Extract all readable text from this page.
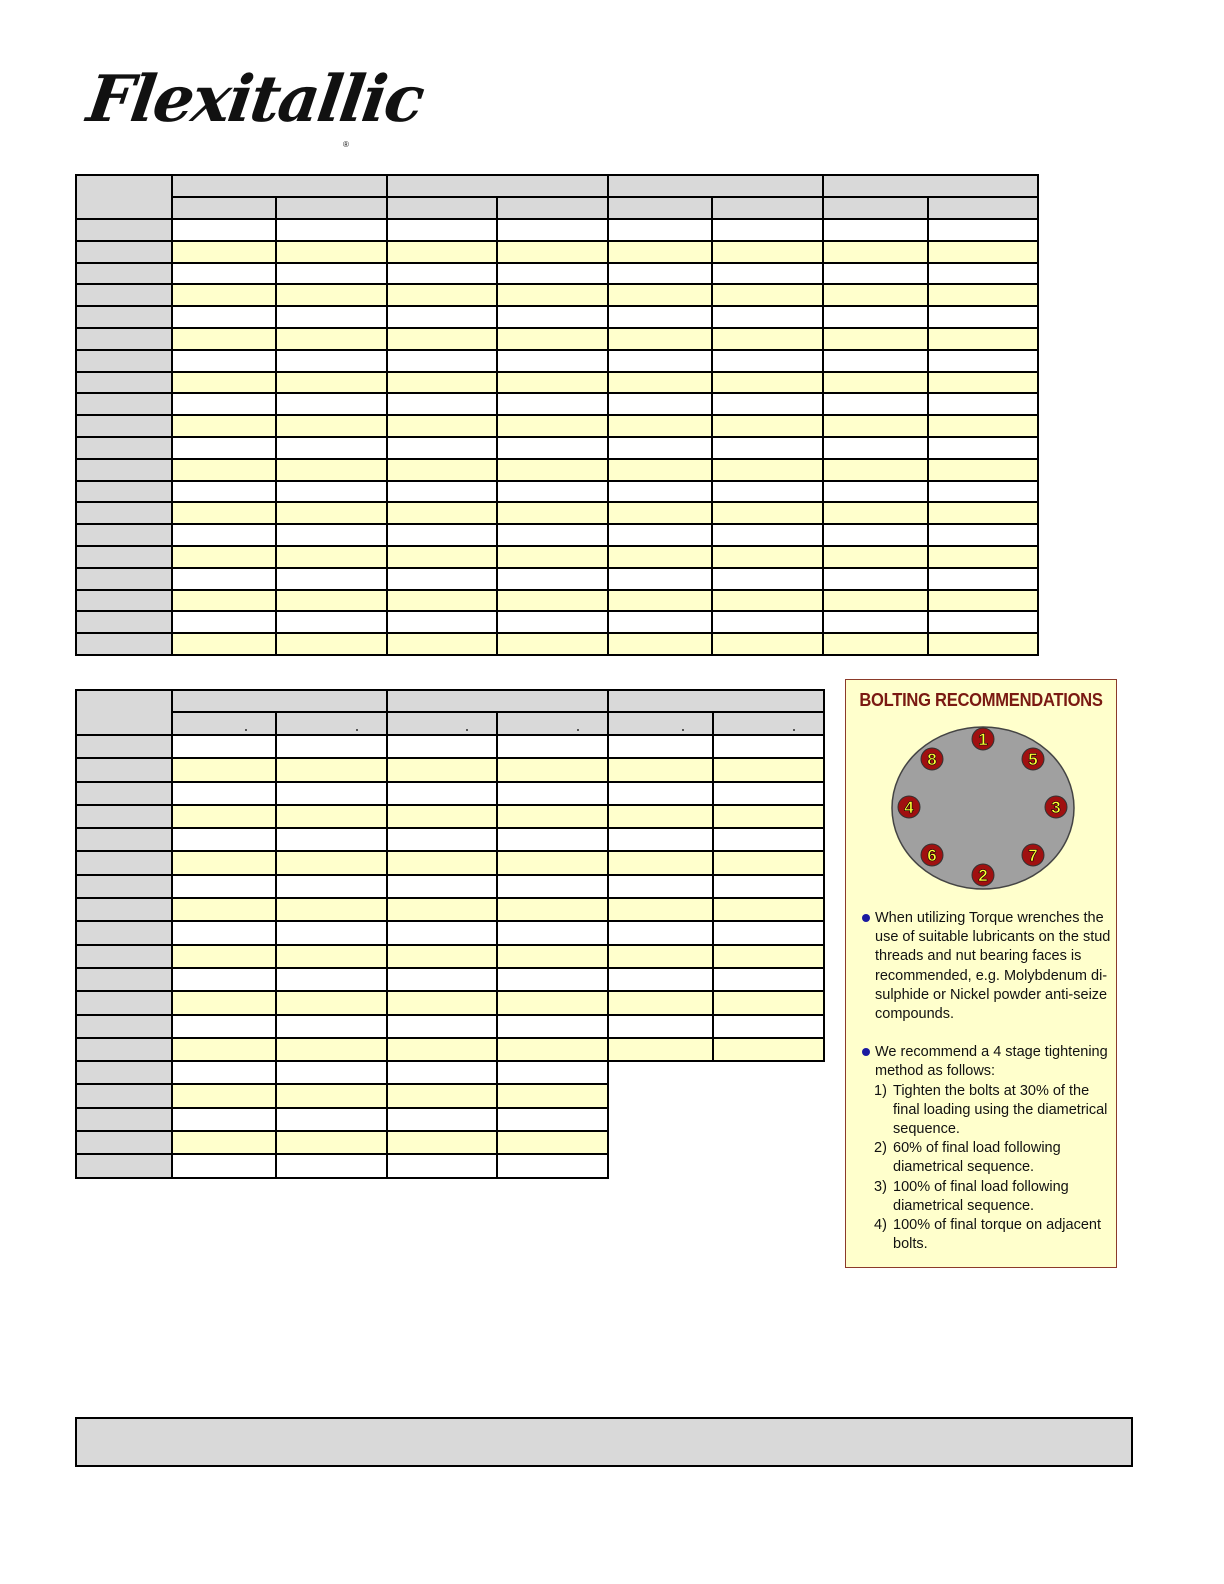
Flexitallic
®

BOLTING RECOMMENDATIONS
1
5
3
7
2
6
4
8
When utilizing Torque wrenches the use of suitable lubricants on the stud threads and nut bearing faces is recommended, e.g. Molybdenum di-sulphide or Nickel powder anti-seize compounds.
We recommend a 4 stage tightening method as follows:
1) Tighten the bolts at 30% of the final loading using the diametrical sequence.
2) 60% of final load following diametrical sequence.
3) 100% of final load following diametrical sequence.
4) 100% of final torque on adjacent bolts.
